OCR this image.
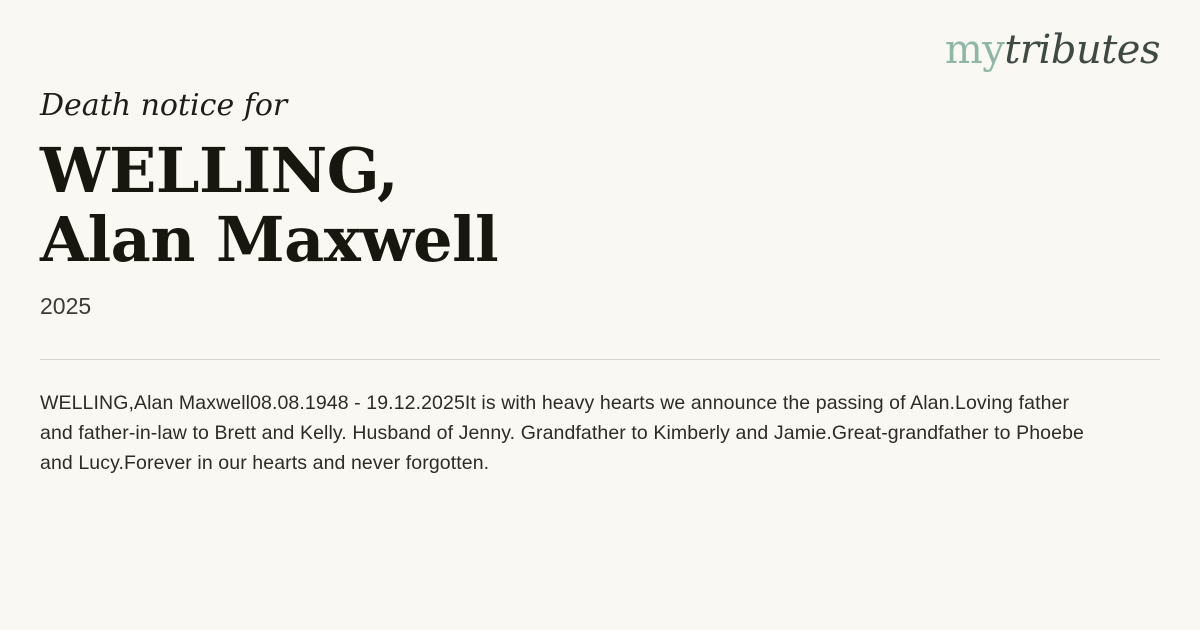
mytributes
Death notice for
WELLING,
Alan Maxwell
2025
WELLING,Alan Maxwell08.08.1948 - 19.12.2025It is with heavy hearts we announce the passing of Alan.Loving father and father-in-law to Brett and Kelly. Husband of Jenny. Grandfather to Kimberly and Jamie.Great-grandfather to Phoebe and Lucy.Forever in our hearts and never forgotten.
